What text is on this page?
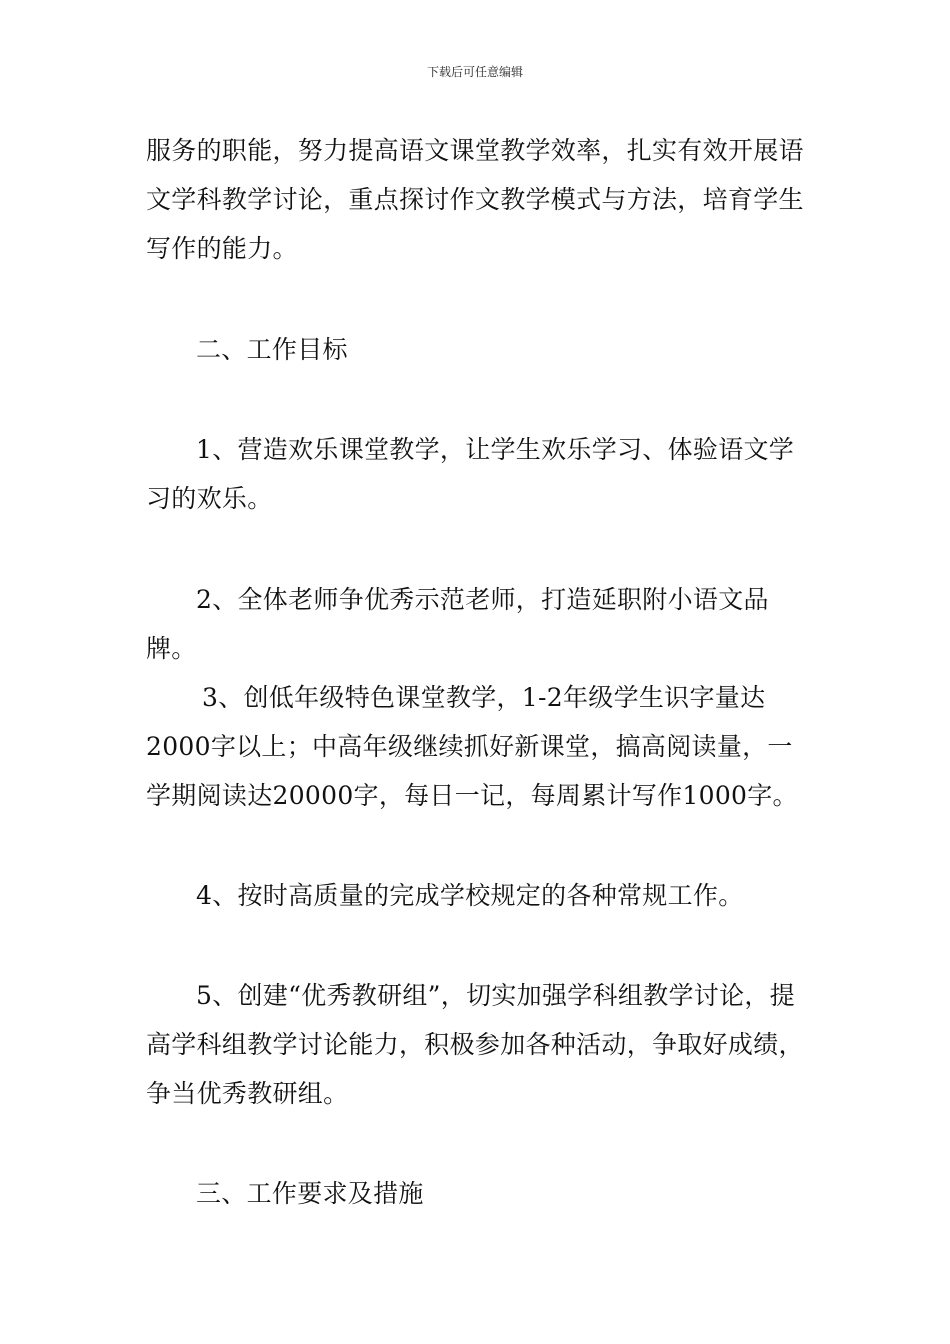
下载后可任意编辑

服务的职能，努力提高语文课堂教学效率，扎实有效开展语文学科教学讨论，重点探讨作文教学模式与方法，培育学生写作的能力。

二、工作目标

1、营造欢乐课堂教学，让学生欢乐学习、体验语文学习的欢乐。

2、全体老师争优秀示范老师，打造延职附小语文品牌。

3、创低年级特色课堂教学，1-2年级学生识字量达2000字以上；中高年级继续抓好新课堂，搞高阅读量，一学期阅读达20000字，每日一记，每周累计写作1000字。

4、按时高质量的完成学校规定的各种常规工作。

5、创建“优秀教研组”，切实加强学科组教学讨论，提高学科组教学讨论能力，积极参加各种活动，争取好成绩，争当优秀教研组。

三、工作要求及措施
